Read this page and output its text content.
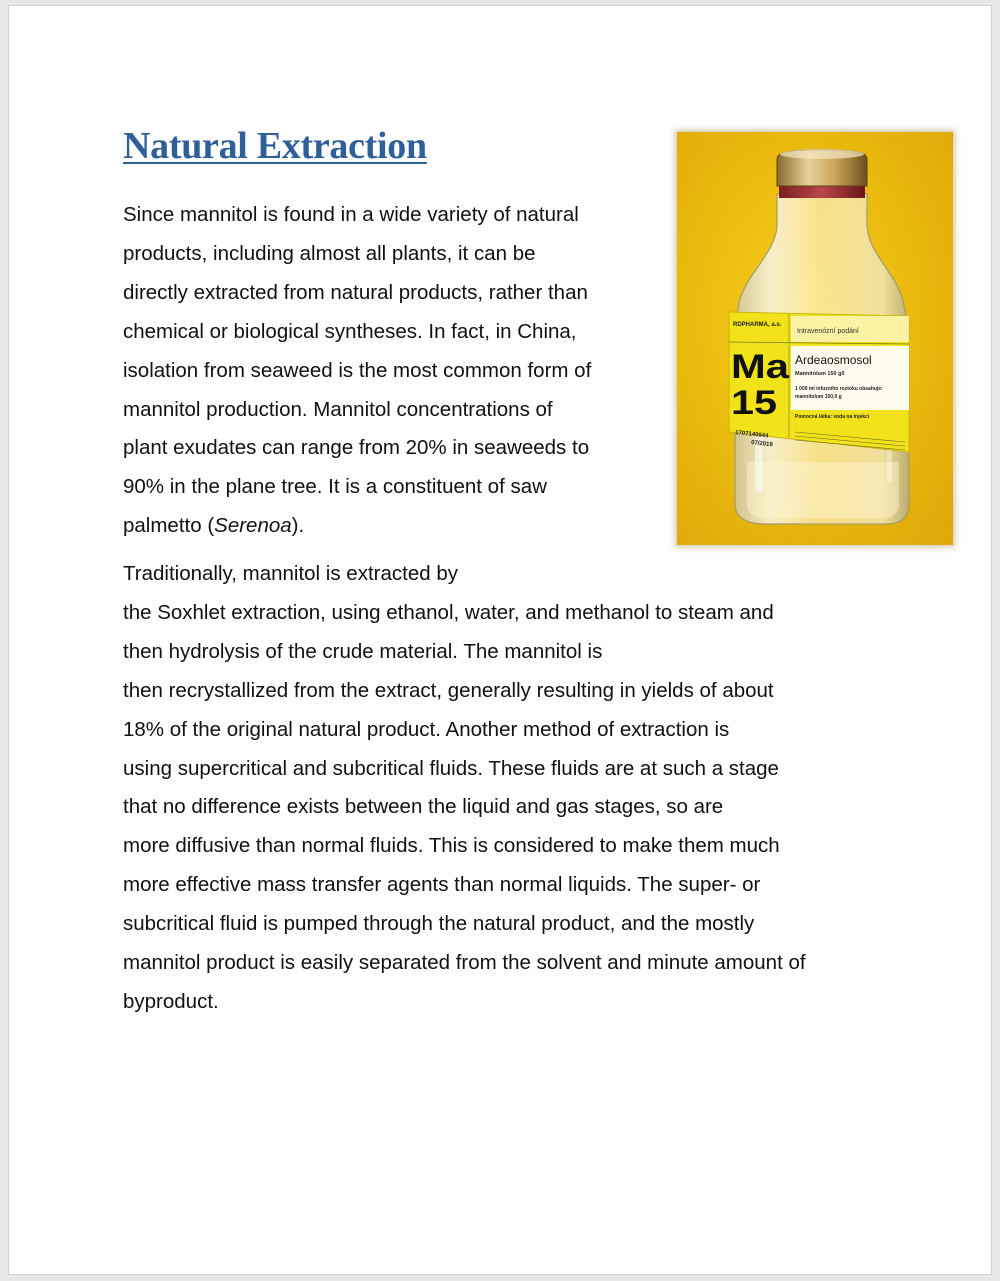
Natural Extraction

Since mannitol is found in a wide variety of natural
products, including almost all plants, it can be
directly extracted from natural products, rather than
chemical or biological syntheses. In fact, in China,
isolation from seaweed is the most common form of
mannitol production. Mannitol concentrations of
plant exudates can range from 20% in seaweeds to
90% in the plane tree. It is a constituent of saw
palmetto (Serenoa).

Traditionally, mannitol is extracted by
the Soxhlet extraction, using ethanol, water, and methanol to steam and
then hydrolysis of the crude material. The mannitol is
then recrystallized from the extract, generally resulting in yields of about
18% of the original natural product. Another method of extraction is
using supercritical and subcritical fluids. These fluids are at such a stage
that no difference exists between the liquid and gas stages, so are
more diffusive than normal fluids. This is considered to make them much
more effective mass transfer agents than normal liquids. The super- or
subcritical fluid is pumped through the natural product, and the mostly
mannitol product is easily separated from the solvent and minute amount of
byproduct.

RDPHARMA, a.s.
Intravenózní podání
Ma
15
Ardeaosmosol
Mannitolum 150 g/l
1 000 ml infuzního roztoku obsahuje:
mannitolum 150,0 g
Pomocná látka: voda na injekci
1707140644
07/2019
